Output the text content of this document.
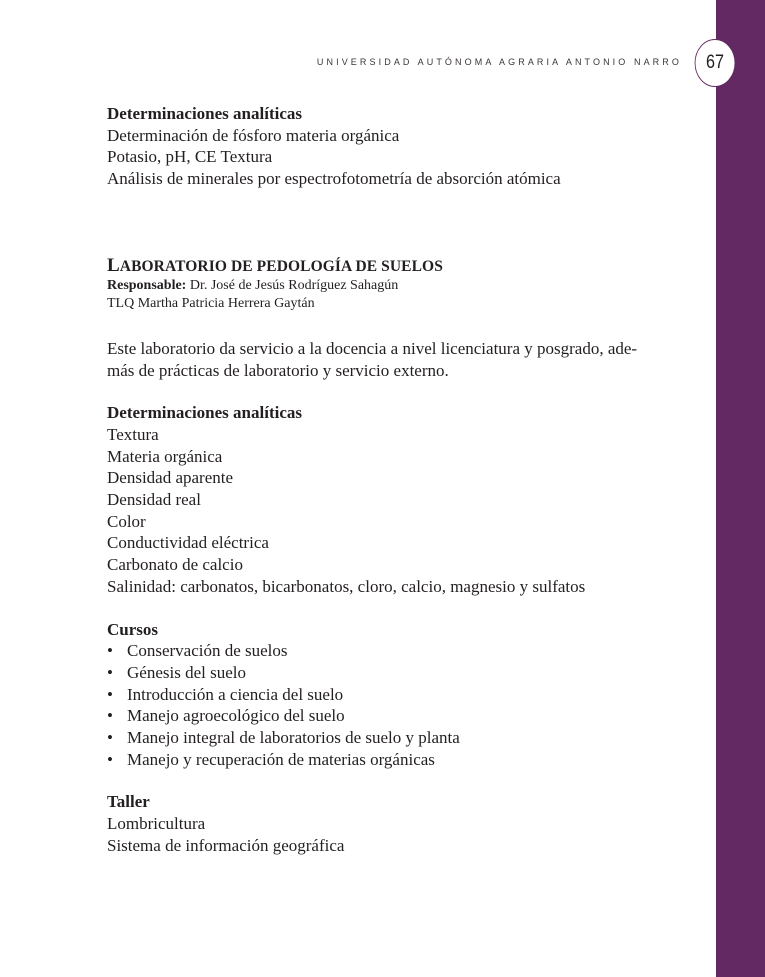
UNIVERSIDAD AUTÓNOMA AGRARIA ANTONIO NARRO	67
Determinaciones analíticas
Determinación de fósforo materia orgánica
Potasio, pH, CE Textura
Análisis de minerales por espectrofotometría de absorción atómica
LABORATORIO DE PEDOLOGÍA DE SUELOS
Responsable: Dr. José de Jesús Rodríguez Sahagún
TLQ Martha Patricia Herrera Gaytán
Este laboratorio da servicio a la docencia a nivel licenciatura y posgrado, ade-
más de prácticas de laboratorio y servicio externo.
Determinaciones analíticas
Textura
Materia orgánica
Densidad aparente
Densidad real
Color
Conductividad eléctrica
Carbonato de calcio
Salinidad: carbonatos, bicarbonatos, cloro, calcio, magnesio y sulfatos
Cursos
• Conservación de suelos
• Génesis del suelo
• Introducción a ciencia del suelo
• Manejo agroecológico del suelo
• Manejo integral de laboratorios de suelo y planta
• Manejo y recuperación de materias orgánicas
Taller
Lombricultura
Sistema de información geográfica
